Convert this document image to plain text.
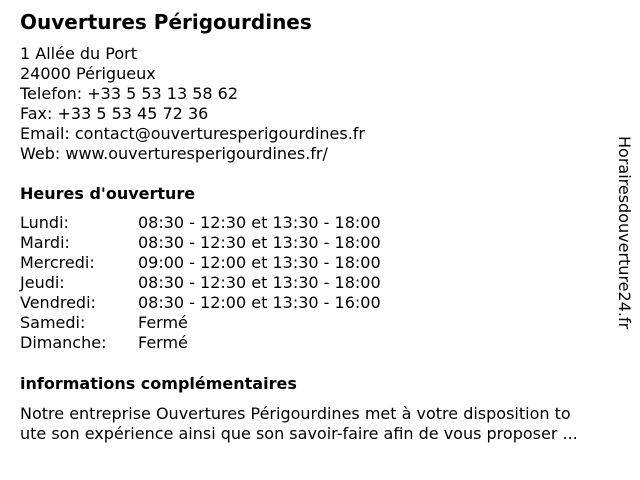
Ouvertures Périgourdines
1 Allée du Port
24000 Périgueux
Telefon: +33 5 53 13 58 62
Fax: +33 5 53 45 72 36
Email: contact@ouverturesperigourdines.fr
Web: www.ouverturesperigourdines.fr/
Heures d'ouverture
Lundi:	08:30 - 12:30 et 13:30 - 18:00
Mardi:	08:30 - 12:30 et 13:30 - 18:00
Mercredi:	09:00 - 12:00 et 13:30 - 18:00
Jeudi:	08:30 - 12:30 et 13:30 - 18:00
Vendredi:	08:30 - 12:00 et 13:30 - 16:00
Samedi:	Fermé
Dimanche:	Fermé
informations complémentaires
Notre entreprise Ouvertures Périgourdines met à votre disposition to
ute son expérience ainsi que son savoir-faire afin de vous proposer ...
Horairesdouverture24.fr
